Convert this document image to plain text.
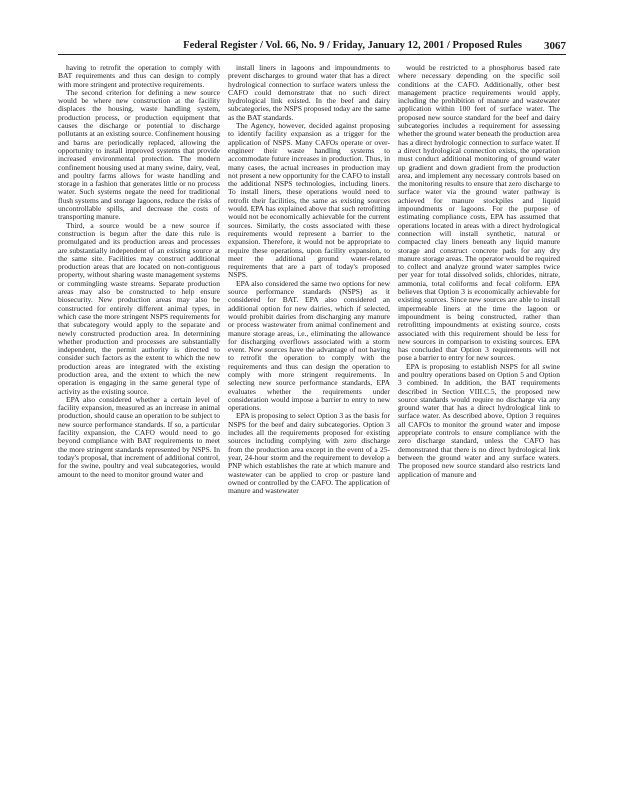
Federal Register / Vol. 66, No. 9 / Friday, January 12, 2001 / Proposed Rules 3067

having to retrofit the operation to comply with BAT requirements and thus can design to comply with more stringent and protective requirements.

The second criterion for defining a new source would be where new construction at the facility displaces the housing, waste handling system, production process, or production equipment that causes the discharge or potential to discharge pollutants at an existing source. Confinement housing and barns are periodically replaced, allowing the opportunity to install improved systems that provide increased environmental protection. The modern confinement housing used at many swine, dairy, veal, and poultry farms allows for waste handling and storage in a fashion that generates little or no process water. Such systems negate the need for traditional flush systems and storage lagoons, reduce the risks of uncontrollable spills, and decrease the costs of transporting manure.

Third, a source would be a new source if construction is begun after the date this rule is promulgated and its production areas and processes are substantially independent of an existing source at the same site. Facilities may construct additional production areas that are located on non-contiguous property, without sharing waste management systems or commingling waste streams. Separate production areas may also be constructed to help ensure biosecurity. New production areas may also be constructed for entirely different animal types, in which case the more stringent NSPS requirements for that subcategory would apply to the separate and newly constructed production area. In determining whether production and processes are substantially independent, the permit authority is directed to consider such factors as the extent to which the new production areas are integrated with the existing production area, and the extent to which the new operation is engaging in the same general type of activity as the existing source.

EPA also considered whether a certain level of facility expansion, measured as an increase in animal production, should cause an operation to be subject to new source performance standards. If so, a particular facility expansion, the CAFO would need to go beyond compliance with BAT requirements to meet the more stringent standards represented by NSPS. In today's proposal, that increment of additional control, for the swine, poultry and veal subcategories, would amount to the need to monitor ground water and

install liners in lagoons and impoundments to prevent discharges to ground water that has a direct hydrological connection to surface waters unless the CAFO could demonstrate that no such direct hydrological link existed. In the beef and dairy subcategories, the NSPS proposed today are the same as the BAT standards.

The Agency, however, decided against proposing to identify facility expansion as a trigger for the application of NSPS. Many CAFOs operate or over-engineer their waste handling systems to accommodate future increases in production. Thus, in many cases, the actual increases in production may not present a new opportunity for the CAFO to install the additional NSPS technologies, including liners. To install liners, these operations would need to retrofit their facilities, the same as existing sources would. EPA has explained above that such retrofitting would not be economically achievable for the current sources. Similarly, the costs associated with these requirements would represent a barrier to the expansion. Therefore, it would not be appropriate to require these operations, upon facility expansion, to meet the additional ground water-related requirements that are a part of today's proposed NSPS.

EPA also considered the same two options for new source performance standards (NSPS) as it considered for BAT. EPA also considered an additional option for new dairies, which if selected, would prohibit dairies from discharging any manure or process wastewater from animal confinement and manure storage areas, i.e., eliminating the allowance for discharging overflows associated with a storm event. New sources have the advantage of not having to retrofit the operation to comply with the requirements and thus can design the operation to comply with more stringent requirements. In selecting new source performance standards, EPA evaluates whether the requirements under consideration would impose a barrier to entry to new operations.

EPA is proposing to select Option 3 as the basis for NSPS for the beef and dairy subcategories. Option 3 includes all the requirements proposed for existing sources including complying with zero discharge from the production area except in the event of a 25-year, 24-hour storm and the requirement to develop a PNP which establishes the rate at which manure and wastewater can be applied to crop or pasture land owned or controlled by the CAFO. The application of manure and wastewater

would be restricted to a phosphorus based rate where necessary depending on the specific soil conditions at the CAFO. Additionally, other best management practice requirements would apply, including the prohibition of manure and wastewater application within 100 feet of surface water. The proposed new source standard for the beef and dairy subcategories includes a requirement for assessing whether the ground water beneath the production area has a direct hydrologic connection to surface water. If a direct hydrological connection exists, the operation must conduct additional monitoring of ground water up gradient and down gradient from the production area, and implement any necessary controls based on the monitoring results to ensure that zero discharge to surface water via the ground water pathway is achieved for manure stockpiles and liquid impoundments or lagoons. For the purpose of estimating compliance costs, EPA has assumed that operations located in areas with a direct hydrological connection will install synthetic, natural or compacted clay liners beneath any liquid manure storage and construct concrete pads for any dry manure storage areas. The operator would be required to collect and analyze ground water samples twice per year for total dissolved solids, chlorides, nitrate, ammonia, total coliforms and fecal coliform. EPA believes that Option 3 is economically achievable for existing sources. Since new sources are able to install impermeable liners at the time the lagoon or impoundment is being constructed, rather than retrofitting impoundments at existing source, costs associated with this requirement should be less for new sources in comparison to existing sources. EPA has concluded that Option 3 requirements will not pose a barrier to entry for new sources.

EPA is proposing to establish NSPS for all swine and poultry operations based on Option 5 and Option 3 combined. In addition, the BAT requirements described in Section VIII.C.5, the proposed new source standards would require no discharge via any ground water that has a direct hydrological link to surface water. As described above, Option 3 requires all CAFOs to monitor the ground water and impose appropriate controls to ensure compliance with the zero discharge standard, unless the CAFO has demonstrated that there is no direct hydrological link between the ground water and any surface waters. The proposed new source standard also restricts land application of manure and
